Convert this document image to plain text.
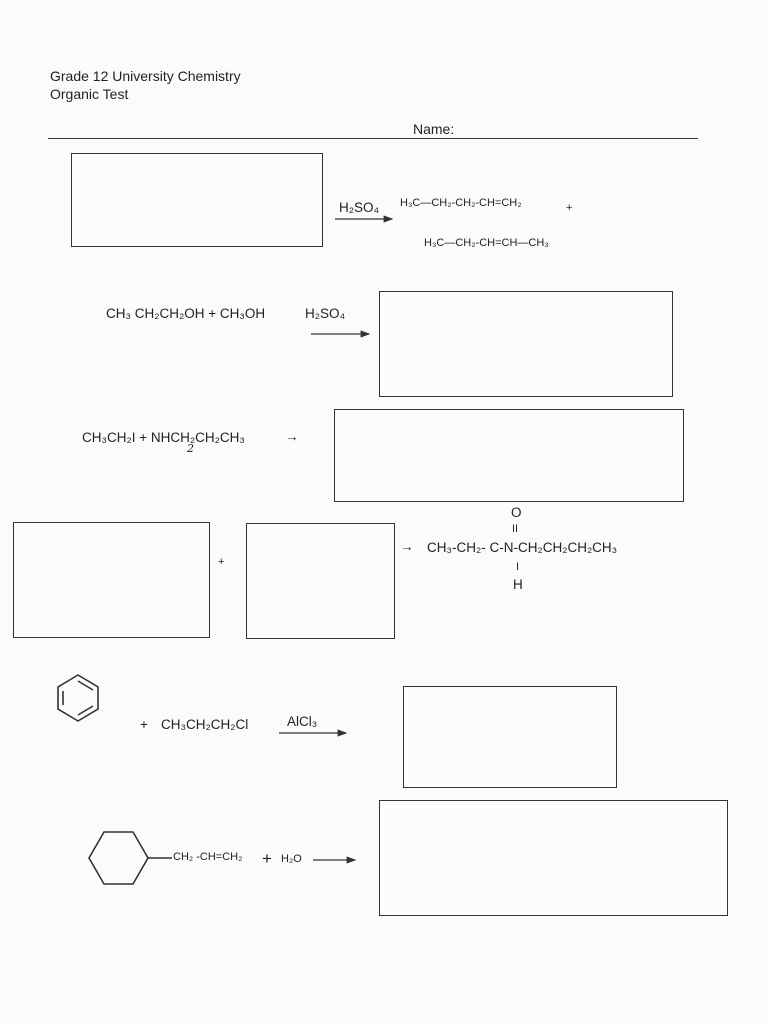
Grade 12 University Chemistry
Organic Test
Name:
H₂SO₄ H₃C—CH₂-CH₂-CH=CH₂	+
H₃C—CH₂-CH=CH—CH₃
CH₃ CH₂CH₂OH + CH₃OH	H₂SO₄
CH₃CH₂I + NHCH₂CH₂CH₃	→
2
+
→ CH₃-CH₂- C-N-CH₂CH₂CH₂CH₃
O
II
I
H
+ CH₃CH₂CH₂Cl	AlCl₃
CH₂ -CH=CH₂ + H₂O
